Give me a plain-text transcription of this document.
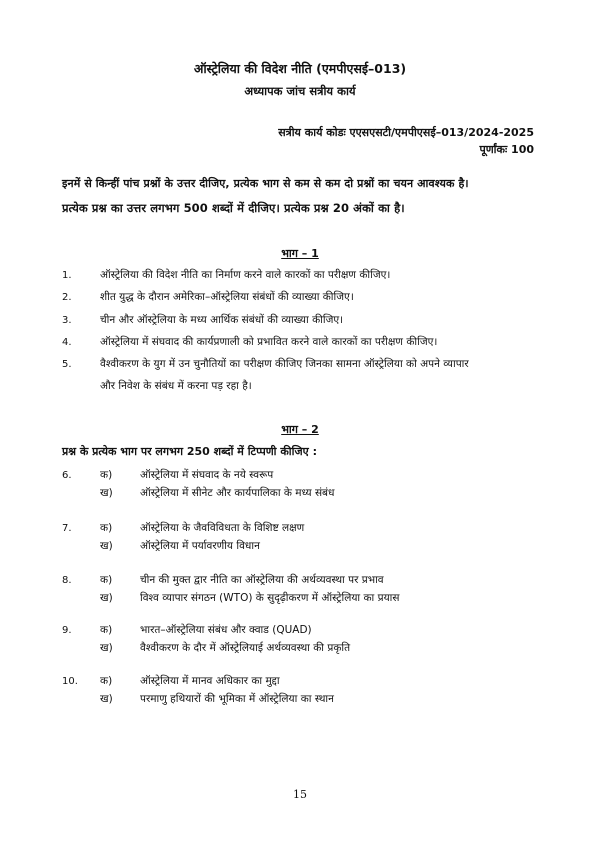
ऑस्ट्रेलिया की विदेश नीति (एमपीएसई–013)
अध्यापक जांच सत्रीय कार्य
सत्रीय कार्य कोडः एएसएसटी/एमपीएसई–013/2024-2025
पूर्णांकः 100
इनमें से किन्हीं पांच प्रश्नों के उत्तर दीजिए, प्रत्येक भाग से कम से कम दो प्रश्नों का चयन आवश्यक है।
प्रत्येक प्रश्न का उत्तर लगभग 500 शब्दों में दीजिए। प्रत्येक प्रश्न 20 अंकों का है।
भाग – 1
1.	ऑस्ट्रेलिया की विदेश नीति का निर्माण करने वाले कारकों का परीक्षण कीजिए।
2.	शीत युद्ध के दौरान अमेरिका–ऑस्ट्रेलिया संबंधों की व्याख्या कीजिए।
3.	चीन और ऑस्ट्रेलिया के मध्य आर्थिक संबंधों की व्याख्या कीजिए।
4.	ऑस्ट्रेलिया में संघवाद की कार्यप्रणाली को प्रभावित करने वाले कारकों का परीक्षण कीजिए।
5.	वैश्वीकरण के युग में उन चुनौतियों का परीक्षण कीजिए जिनका सामना ऑस्ट्रेलिया को अपने व्यापार
और निवेश के संबंध में करना पड़ रहा है।
भाग – 2
प्रश्न के प्रत्येक भाग पर लगभग 250 शब्दों में टिप्पणी कीजिए :
6.	क)	ऑस्ट्रेलिया में संघवाद के नये स्वरूप
ख)	ऑस्ट्रेलिया में सीनेट और कार्यपालिका के मध्य संबंध
7.	क)	ऑस्ट्रेलिया के जैवविविधता के विशिष्ट लक्षण
ख)	ऑस्ट्रेलिया में पर्यावरणीय विधान
8.	क)	चीन की मुक्त द्वार नीति का ऑस्ट्रेलिया की अर्थव्यवस्था पर प्रभाव
ख)	विश्व व्यापार संगठन (WTO) के सुदृढ़ीकरण में ऑस्ट्रेलिया का प्रयास
9.	क)	भारत–ऑस्ट्रेलिया संबंध और क्वाड (QUAD)
ख)	वैश्वीकरण के दौर में ऑस्ट्रेलियाई अर्थव्यवस्था की प्रकृति
10. क)	ऑस्ट्रेलिया में मानव अधिकार का मुद्दा
ख)	परमाणु हथियारों की भूमिका में ऑस्ट्रेलिया का स्थान
15
